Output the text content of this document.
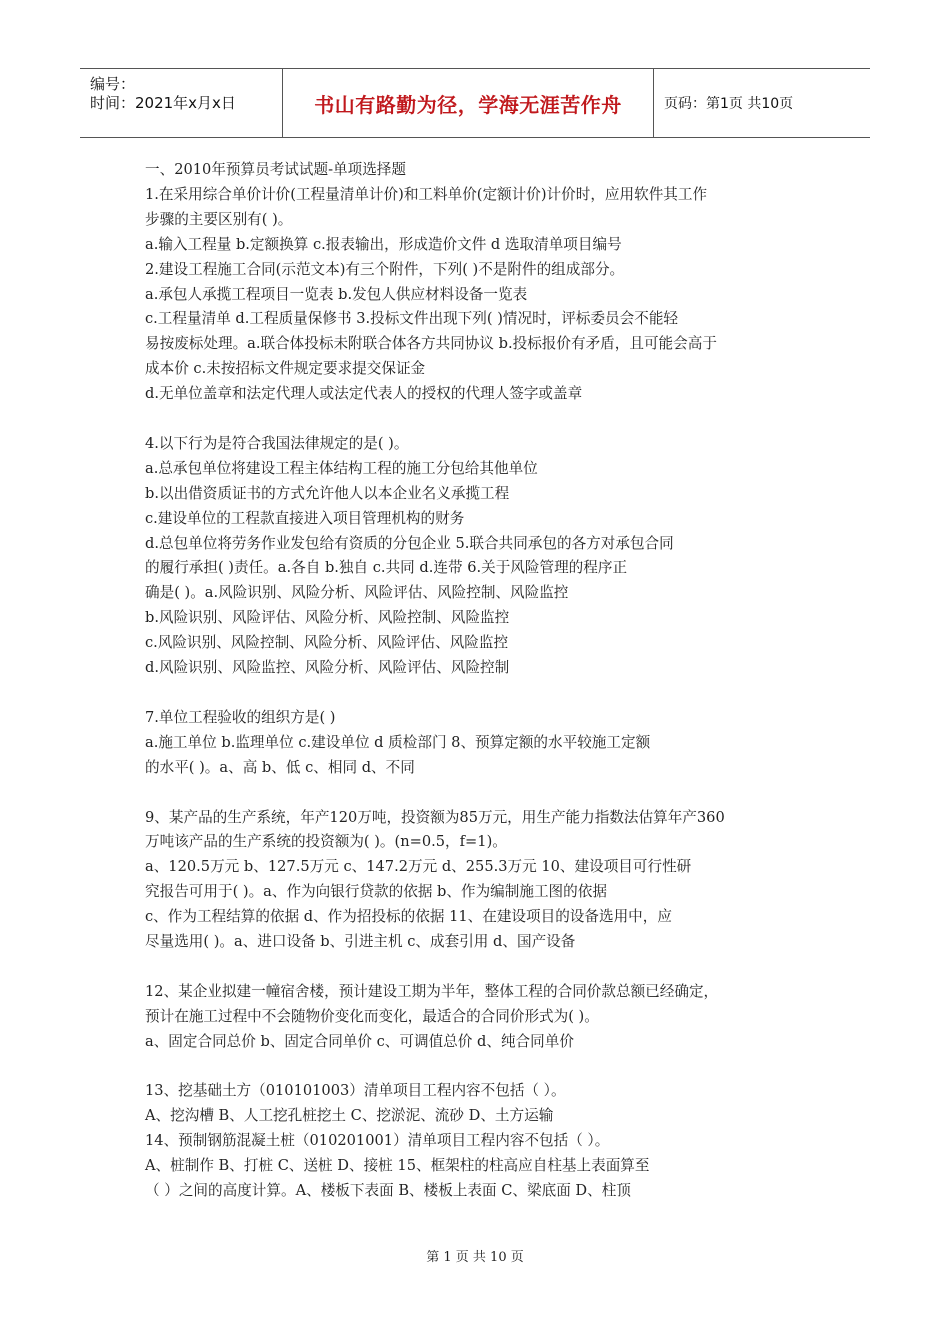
编号：
时间：2021年x月x日	书山有路勤为径，学海无涯苦作舟	页码：第1页 共10页

一、2010年预算员考试试题-单项选择题

1.在采用综合单价计价(工程量清单计价)和工料单价(定额计价)计价时，应用软件其工作

步骤的主要区别有( )。

a.输入工程量 b.定额换算 c.报表输出，形成造价文件 d 选取清单项目编号

2.建设工程施工合同(示范文本)有三个附件，下列( )不是附件的组成部分。

a.承包人承揽工程项目一览表 b.发包人供应材料设备一览表

c.工程量清单 d.工程质量保修书 3.投标文件出现下列( )情况时，评标委员会不能轻

易按废标处理。a.联合体投标未附联合体各方共同协议 b.投标报价有矛盾，且可能会高于

成本价 c.未按招标文件规定要求提交保证金

d.无单位盖章和法定代理人或法定代表人的授权的代理人签字或盖章

4.以下行为是符合我国法律规定的是( )。

a.总承包单位将建设工程主体结构工程的施工分包给其他单位

b.以出借资质证书的方式允许他人以本企业名义承揽工程

c.建设单位的工程款直接进入项目管理机构的财务

d.总包单位将劳务作业发包给有资质的分包企业 5.联合共同承包的各方对承包合同

的履行承担( )责任。a.各自 b.独自 c.共同 d.连带 6.关于风险管理的程序正

确是( )。a.风险识别、风险分析、风险评估、风险控制、风险监控

b.风险识别、风险评估、风险分析、风险控制、风险监控

c.风险识别、风险控制、风险分析、风险评估、风险监控

d.风险识别、风险监控、风险分析、风险评估、风险控制

7.单位工程验收的组织方是( )

a.施工单位 b.监理单位 c.建设单位 d 质检部门 8、预算定额的水平较施工定额

的水平( )。a、高 b、低 c、相同 d、不同

9、某产品的生产系统，年产120万吨，投资额为85万元，用生产能力指数法估算年产360

万吨该产品的生产系统的投资额为( )。(n=0.5，f=1)。

a、120.5万元 b、127.5万元 c、147.2万元 d、255.3万元 10、建设项目可行性研

究报告可用于( )。a、作为向银行贷款的依据 b、作为编制施工图的依据

c、作为工程结算的依据 d、作为招投标的依据 11、在建设项目的设备选用中，应

尽量选用( )。a、进口设备 b、引进主机 c、成套引用 d、国产设备

12、某企业拟建一幢宿舍楼，预计建设工期为半年，整体工程的合同价款总额已经确定，

预计在施工过程中不会随物价变化而变化，最适合的合同价形式为( )。

a、固定合同总价 b、固定合同单价 c、可调值总价 d、纯合同单价

13、挖基础土方（010101003）清单项目工程内容不包括（ ）。

A、挖沟槽 B、人工挖孔桩挖土 C、挖淤泥、流砂 D、土方运输

14、预制钢筋混凝土桩（010201001）清单项目工程内容不包括（ ）。

A、桩制作 B、打桩 C、送桩 D、接桩 15、框架柱的柱高应自柱基上表面算至

（ ）之间的高度计算。A、楼板下表面 B、楼板上表面 C、梁底面 D、柱顶

第 1 页 共 10 页
